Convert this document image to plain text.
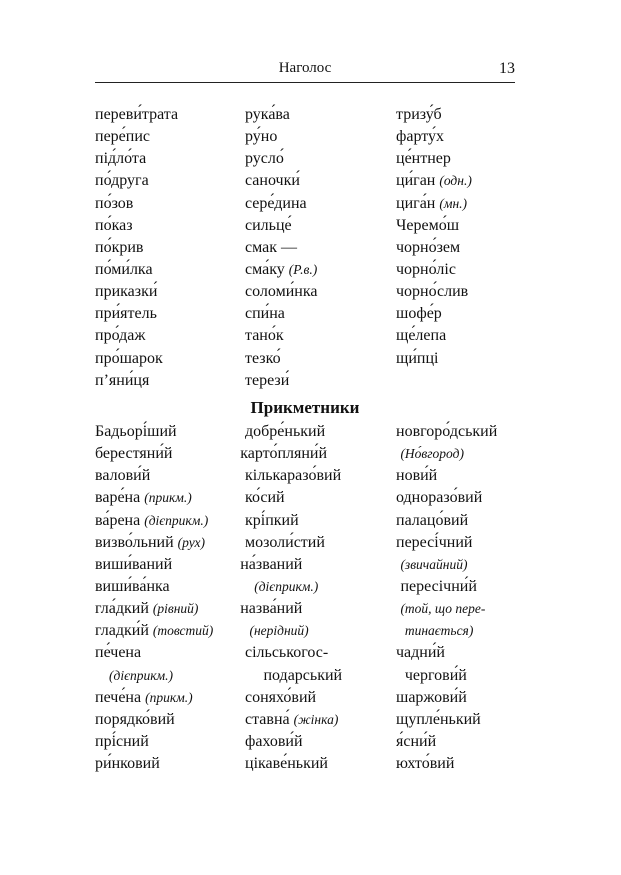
Наголос	13
переви́трата	рука́ва	тризу́б
пере́пис	ру́но	фарту́х
під́ло́та	русло́	це́нтнер
по́друга	саночки́	ци́ган (одн.)
по́зов	сере́дина	цига́н (мн.)
по́каз	сильце́	Черемо́ш
по́крив	смак —	чорно́зем
по́ми́лка	сма́ку (Р.в.)	чорно́ліс
приказки́	соломи́нка	чорно́слив
при́ятель	спи́на	шофе́р
про́даж	тано́к	ще́лепа
про́шарок	тезко́	щи́пці
п’яни́ця	терези́
Прикметники
Бадьорі́ший	добре́нький	новгоро́дський
берестяни́й	карто́пляни́й	(Но́вгород)
валови́й	кількаразо́вий	нови́й
варе́на (прикм.)	ко́сий	одноразо́вий
ва́рена (дієприкм.)	крі́пкий	палацо́вий
визво́льний (рух)	мозоли́стий	пересі́чний
виши́ваний	на́званий	(звичайний)
виши́ва́нка	(дієприкм.)	пересічни́й
гла́дкий (рівний)	назва́ний	(той, що пере-
гладки́й (товстий)	(нерідний)	тинається)
пе́чена	сільськогос-	чадни́й
(дієприкм.)	подарський	чергови́й
пече́на (прикм.)	соняхо́вий	шаржови́й
порядко́вий	ставна́ (жінка)	щупле́нький
прі́сний	фахови́й	я́сни́й
ри́нковий	цікаве́нький	юхто́вий
